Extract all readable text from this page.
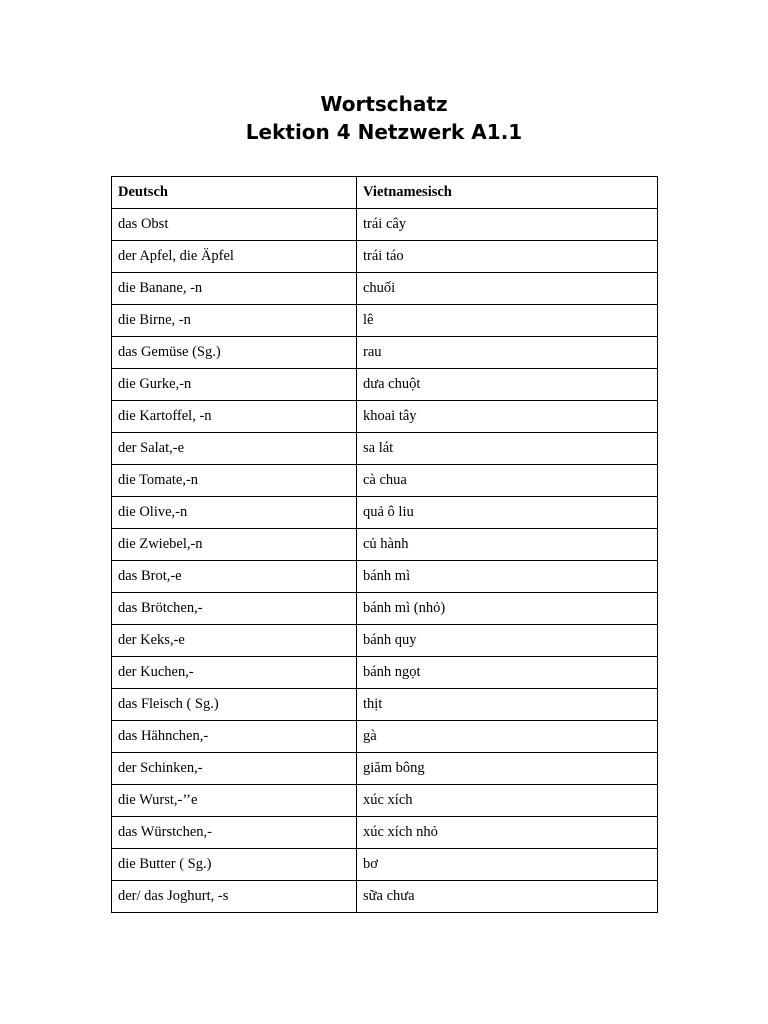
Wortschatz
Lektion 4 Netzwerk A1.1
Deutsch	Vietnamesisch
das Obst	trái cây
der Apfel, die Äpfel	trái táo
die Banane, -n	chuối
die Birne, -n	lê
das Gemüse (Sg.)	rau
die Gurke,-n	dưa chuột
die Kartoffel, -n	khoai tây
der Salat,-e	sa lát
die Tomate,-n	cà chua
die Olive,-n	quả ô liu
die Zwiebel,-n	củ hành
das Brot,-e	bánh mì
das Brötchen,-	bánh mì (nhỏ)
der Keks,-e	bánh quy
der Kuchen,-	bánh ngọt
das Fleisch ( Sg.)	thịt
das Hähnchen,-	gà
der Schinken,-	giăm bông
die Wurst,-’’e	xúc xích
das Würstchen,-	xúc xích nhỏ
die Butter ( Sg.)	bơ
der/ das Joghurt, -s	sữa chưa
